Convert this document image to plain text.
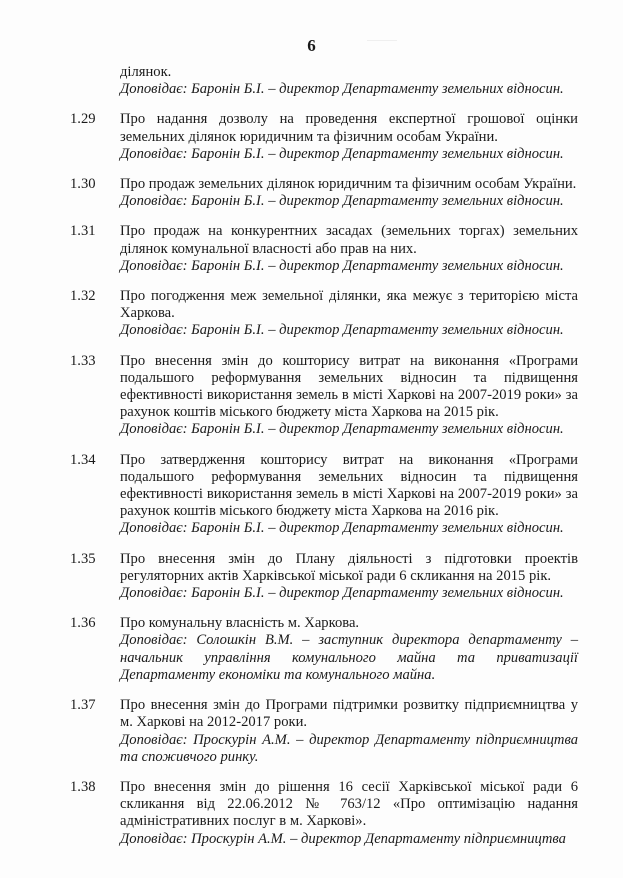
6
ділянок.
Доповідає: Баронін Б.І. – директор Департаменту земельних відносин.
1.29	Про надання дозволу на проведення експертної грошової оцінки земельних ділянок юридичним та фізичним особам України.
Доповідає: Баронін Б.І. – директор Департаменту земельних відносин.
1.30	Про продаж земельних ділянок юридичним та фізичним особам України.
Доповідає: Баронін Б.І. – директор Департаменту земельних відносин.
1.31	Про продаж на конкурентних засадах (земельних торгах) земельних ділянок комунальної власності або прав на них.
Доповідає: Баронін Б.І. – директор Департаменту земельних відносин.
1.32	Про погодження меж земельної ділянки, яка межує з територією міста Харкова.
Доповідає: Баронін Б.І. – директор Департаменту земельних відносин.
1.33	Про внесення змін до кошторису витрат на виконання «Програми подальшого реформування земельних відносин та підвищення ефективності використання земель в місті Харкові на 2007-2019 роки» за рахунок коштів міського бюджету міста Харкова на 2015 рік.
Доповідає: Баронін Б.І. – директор Департаменту земельних відносин.
1.34	Про затвердження кошторису витрат на виконання «Програми подальшого реформування земельних відносин та підвищення ефективності використання земель в місті Харкові на 2007-2019 роки» за рахунок коштів міського бюджету міста Харкова на 2016 рік.
Доповідає: Баронін Б.І. – директор Департаменту земельних відносин.
1.35	Про внесення змін до Плану діяльності з підготовки проектів регуляторних актів Харківської міської ради 6 скликання на 2015 рік.
Доповідає: Баронін Б.І. – директор Департаменту земельних відносин.
1.36	Про комунальну власність м. Харкова.
Доповідає: Солошкін В.М. – заступник директора департаменту – начальник управління комунального майна та приватизації Департаменту економіки та комунального майна.
1.37	Про внесення змін до Програми підтримки розвитку підприємництва у м. Харкові на 2012-2017 роки.
Доповідає: Проскурін А.М. – директор Департаменту підприємництва та споживчого ринку.
1.38	Про внесення змін до рішення 16 сесії Харківської міської ради 6 скликання від 22.06.2012 № 763/12 «Про оптимізацію надання адміністративних послуг в м. Харкові».
Доповідає: Проскурін А.М. – директор Департаменту підприємництва
